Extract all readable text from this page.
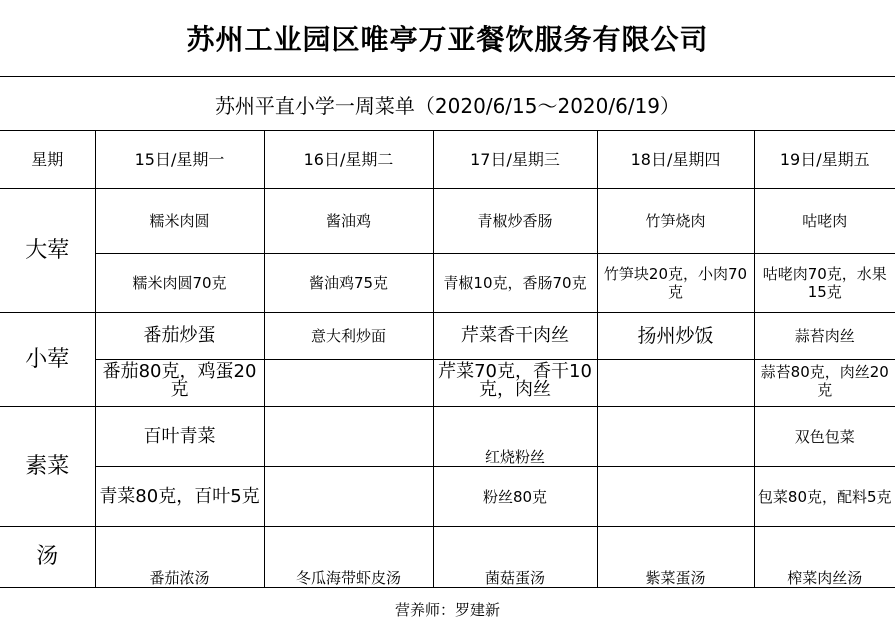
苏州工业园区唯亭万亚餐饮服务有限公司
苏州平直小学一周菜单（2020/6/15～2020/6/19）
星期	15日/星期一	16日/星期二	17日/星期三	18日/星期四	19日/星期五
大荤	糯米肉圆	酱油鸡	青椒炒香肠	竹笋烧肉	咕咾肉
	糯米肉圆70克	酱油鸡75克	青椒10克，香肠70克	竹笋块20克，小肉70克	咕咾肉70克，水果15克
小荤	番茄炒蛋	意大利炒面	芹菜香干肉丝	扬州炒饭	蒜苔肉丝
	番茄80克，鸡蛋20克		芹菜70克，香干10克，肉丝		蒜苔80克，肉丝20克
素菜	百叶青菜		红烧粉丝		双色包菜
	青菜80克，百叶5克		粉丝80克		包菜80克，配料5克
汤	番茄浓汤	冬瓜海带虾皮汤	菌菇蛋汤	紫菜蛋汤	榨菜肉丝汤
营养师：罗建新
